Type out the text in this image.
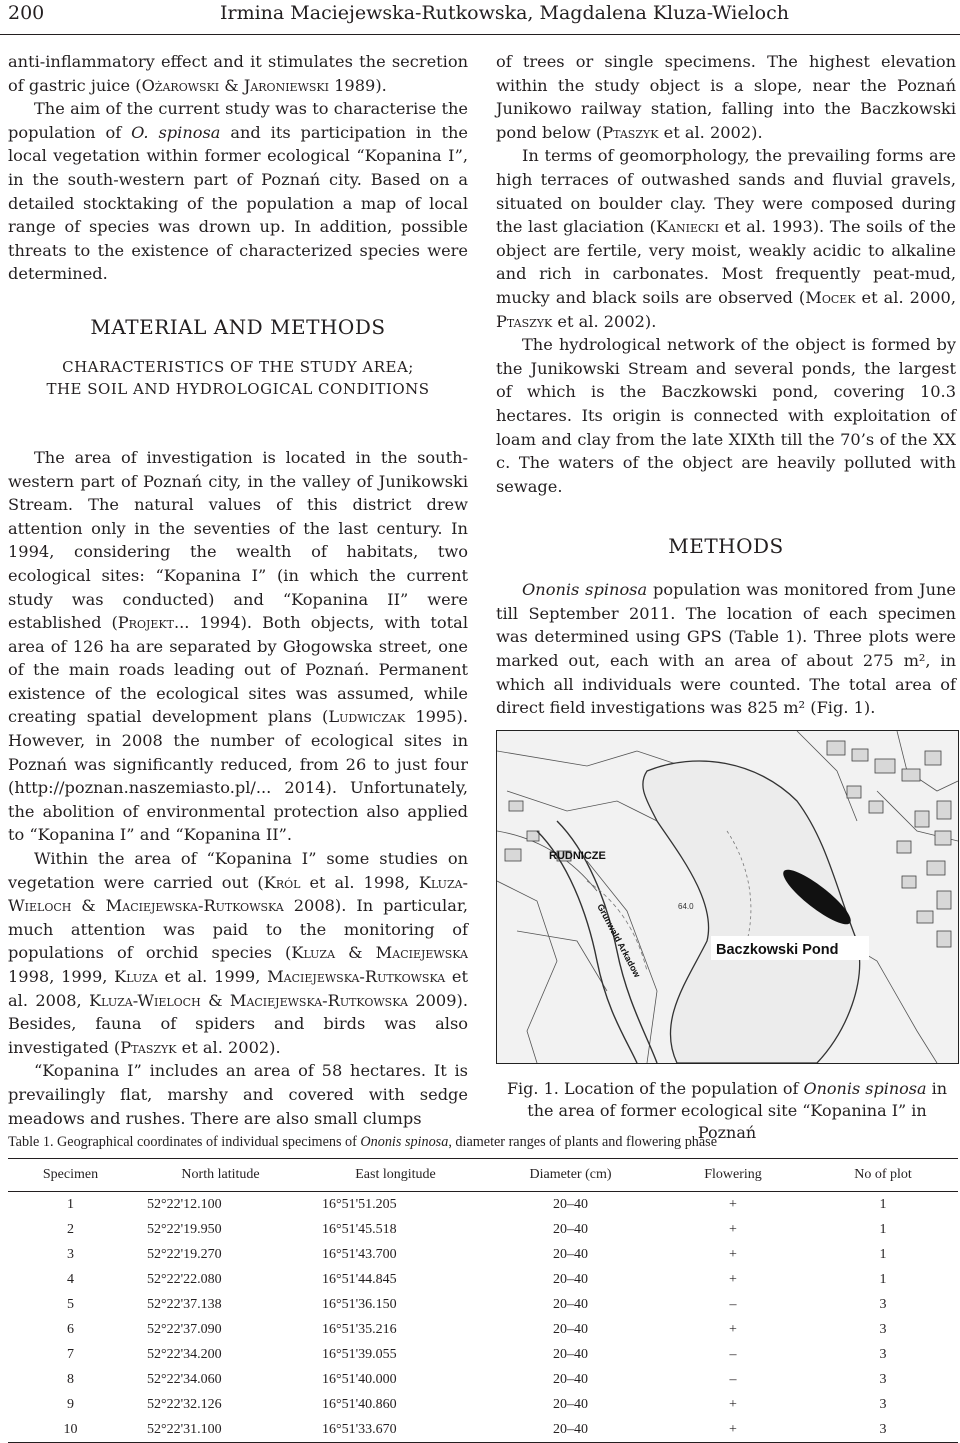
200	Irmina Maciejewska-Rutkowska, Magdalena Kluza-Wieloch

anti-inflammatory effect and it stimulates the secretion of gastric juice (Ożarowski & Jaroniewski 1989).

The aim of the current study was to characterise the population of O. spinosa and its participation in the local vegetation within former ecological “Kopanina I”, in the south-western part of Poznań city. Based on a detailed stocktaking of the population a map of local range of species was drown up. In addition, possible threats to the existence of characterized species were determined.

MATERIAL AND METHODS
CHARACTERISTICS OF THE STUDY AREA;
THE SOIL AND HYDROLOGICAL CONDITIONS

The area of investigation is located in the south-western part of Poznań city, in the valley of Junikowski Stream. The natural values of this district drew attention only in the seventies of the last century. In 1994, considering the wealth of habitats, two ecological sites: “Kopanina I” (in which the current study was conducted) and “Kopanina II” were established (Projekt... 1994). Both objects, with total area of 126 ha are separated by Głogowska street, one of the main roads leading out of Poznań. Permanent existence of the ecological sites was assumed, while creating spatial development plans (Ludwiczak 1995). However, in 2008 the number of ecological sites in Poznań was significantly reduced, from 26 to just four (http://poznan.naszemiasto.pl/... 2014). Unfortunately, the abolition of environmental protection also applied to “Kopanina I” and “Kopanina II”.

Within the area of “Kopanina I” some studies on vegetation were carried out (Król et al. 1998, Kluza-Wieloch & Maciejewska-Rutkowska 2008). In particular, much attention was paid to the monitoring of populations of orchid species (Kluza & Maciejewska 1998, 1999, Kluza et al. 1999, Maciejewska-Rutkowska et al. 2008, Kluza-Wieloch & Maciejewska-Rutkowska 2009). Besides, fauna of spiders and birds was also investigated (Ptaszyk et al. 2002).

“Kopanina I” includes an area of 58 hectares. It is prevailingly flat, marshy and covered with sedge meadows and rushes. There are also small clumps

of trees or single specimens. The highest elevation within the study object is a slope, near the Poznań Junikowo railway station, falling into the Baczkowski pond below (Ptaszyk et al. 2002).

In terms of geomorphology, the prevailing forms are high terraces of outwashed sands and fluvial gravels, situated on boulder clay. They were composed during the last glaciation (Kaniecki et al. 1993). The soils of the object are fertile, very moist, weakly acidic to alkaline and rich in carbonates. Most frequently peat-mud, mucky and black soils are observed (Mocek et al. 2000, Ptaszyk et al. 2002).

The hydrological network of the object is formed by the Junikowski Stream and several ponds, the largest of which is the Baczkowski pond, covering 10.3 hectares. Its origin is connected with exploitation of loam and clay from the late XIXth till the 70’s of the XX c. The waters of the object are heavily polluted with sewage.

METHODS

Ononis spinosa population was monitored from June till September 2011. The location of each specimen was determined using GPS (Table 1). Three plots were marked out, each with an area of about 275 m², in which all individuals were counted. The total area of direct field investigations was 825 m² (Fig. 1).

RUDNICZE
Grunwald Arkadow	64.0
Baczkowski Pond
Fig. 1. Location of the population of Ononis spinosa in the area of former ecological site “Kopanina I” in Poznań
Table 1. Geographical coordinates of individual specimens of Ononis spinosa, diameter ranges of plants and flowering phase
Specimen	North latitude	East longitude	Diameter (cm)	Flowering	No of plot
1	52°22'12.100	16°51'51.205	20–40	+	1
2	52°22'19.950	16°51'45.518	20–40	+	1
3	52°22'19.270	16°51'43.700	20–40	+	1
4	52°22'22.080	16°51'44.845	20–40	+	1
5	52°22'37.138	16°51'36.150	20–40	–	3
6	52°22'37.090	16°51'35.216	20–40	+	3
7	52°22'34.200	16°51'39.055	20–40	–	3
8	52°22'34.060	16°51'40.000	20–40	–	3
9	52°22'32.126	16°51'40.860	20–40	+	3
10	52°22'31.100	16°51'33.670	20–40	+	3
